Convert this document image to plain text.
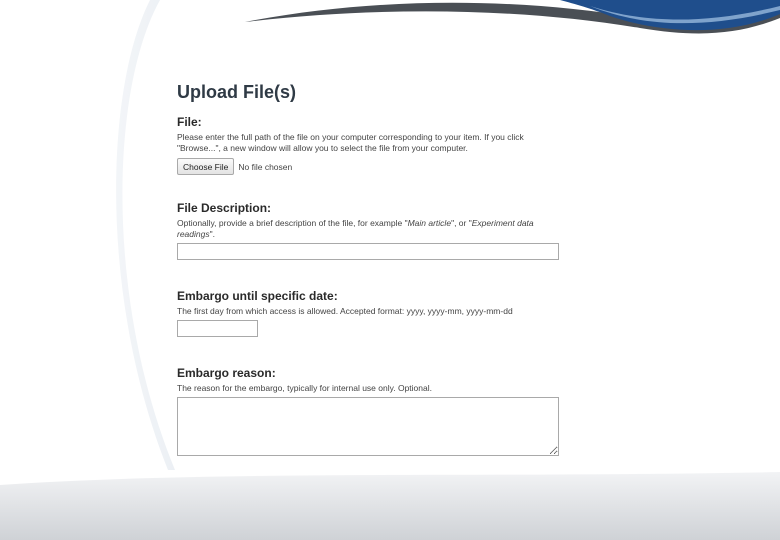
Upload File(s)
File:
Please enter the full path of the file on your computer corresponding to your item. If you click "Browse...", a new window will allow you to select the file from your computer.
Choose File	No file chosen
File Description:
Optionally, provide a brief description of the file, for example "Main article", or "Experiment data readings".
Embargo until specific date:
The first day from which access is allowed. Accepted format: yyyy, yyyy-mm, yyyy-mm-dd
Embargo reason:
The reason for the embargo, typically for internal use only. Optional.
